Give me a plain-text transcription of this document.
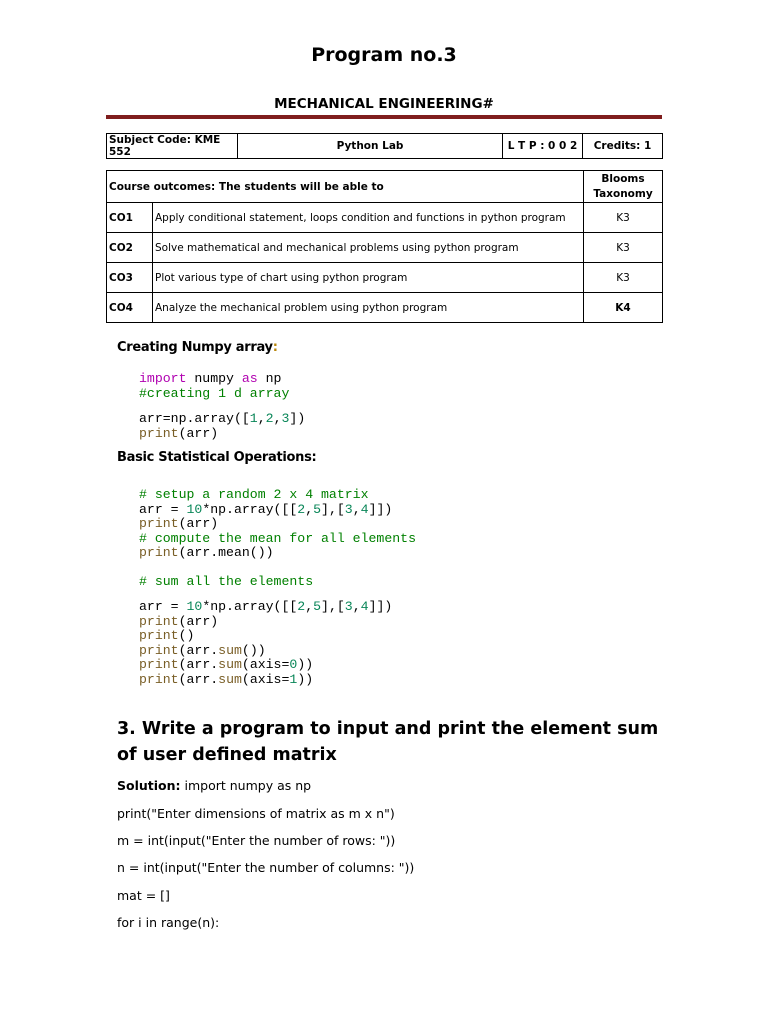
Program no.3
MECHANICAL ENGINEERING#
Subject Code: KME 552	Python Lab	L T P : 0 0 2	Credits: 1
Course outcomes: The students will be able to		Blooms
Taxonomy
CO1	Apply conditional statement, loops condition and functions in python program	K3
CO2	Solve mathematical and mechanical problems using python program	K3
CO3	Plot various type of chart using python program	K3
CO4	Analyze the mechanical problem using python program	K4
Creating Numpy array:
import numpy as np
#creating 1 d array

arr=np.array([1,2,3])
print(arr)
Basic Statistical Operations:
# setup a random 2 x 4 matrix
arr = 10*np.array([[2,5],[3,4]])
print(arr)
# compute the mean for all elements
print(arr.mean())

# sum all the elements

arr = 10*np.array([[2,5],[3,4]])
print(arr)
print()
print(arr.sum())
print(arr.sum(axis=0))
print(arr.sum(axis=1))
3. Write a program to input and print the element sum of user defined matrix
Solution: import numpy as np
print("Enter dimensions of matrix as m x n")
m = int(input("Enter the number of rows: "))
n = int(input("Enter the number of columns: "))
mat = []
for i in range(n):
